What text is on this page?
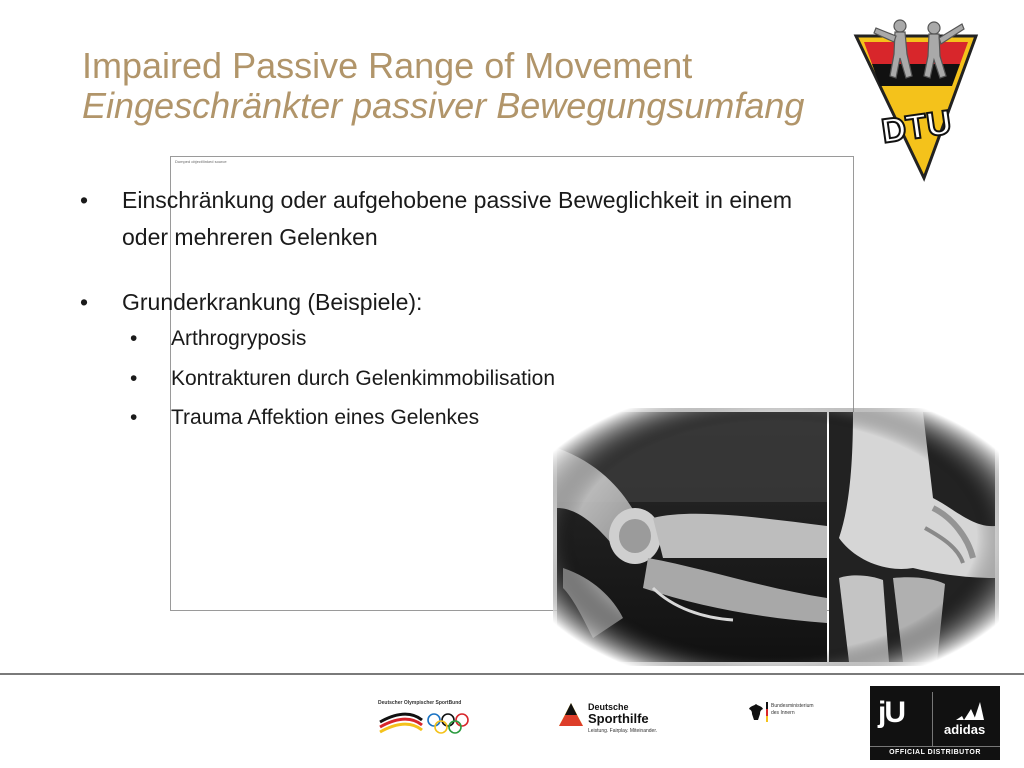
Impaired Passive Range of Movement
Eingeschränkter passiver Bewegungsumfang	DTU
Dumped object/linked source
•	Einschränkung oder aufgehobene passive Beweglichkeit in einem
oder mehreren Gelenken
•	Grunderkrankung (Beispiele):
• Arthrogryposis
• Kontrakturen durch Gelenkimmobilisation
• Trauma Affektion eines Gelenkes
Deutscher Olympischer SportBund	Deutsche
Sporthilfe
Leistung. Fairplay. Miteinander.
Bundesministerium
des Innern	jU
adidas
OFFICIAL DISTRIBUTOR
